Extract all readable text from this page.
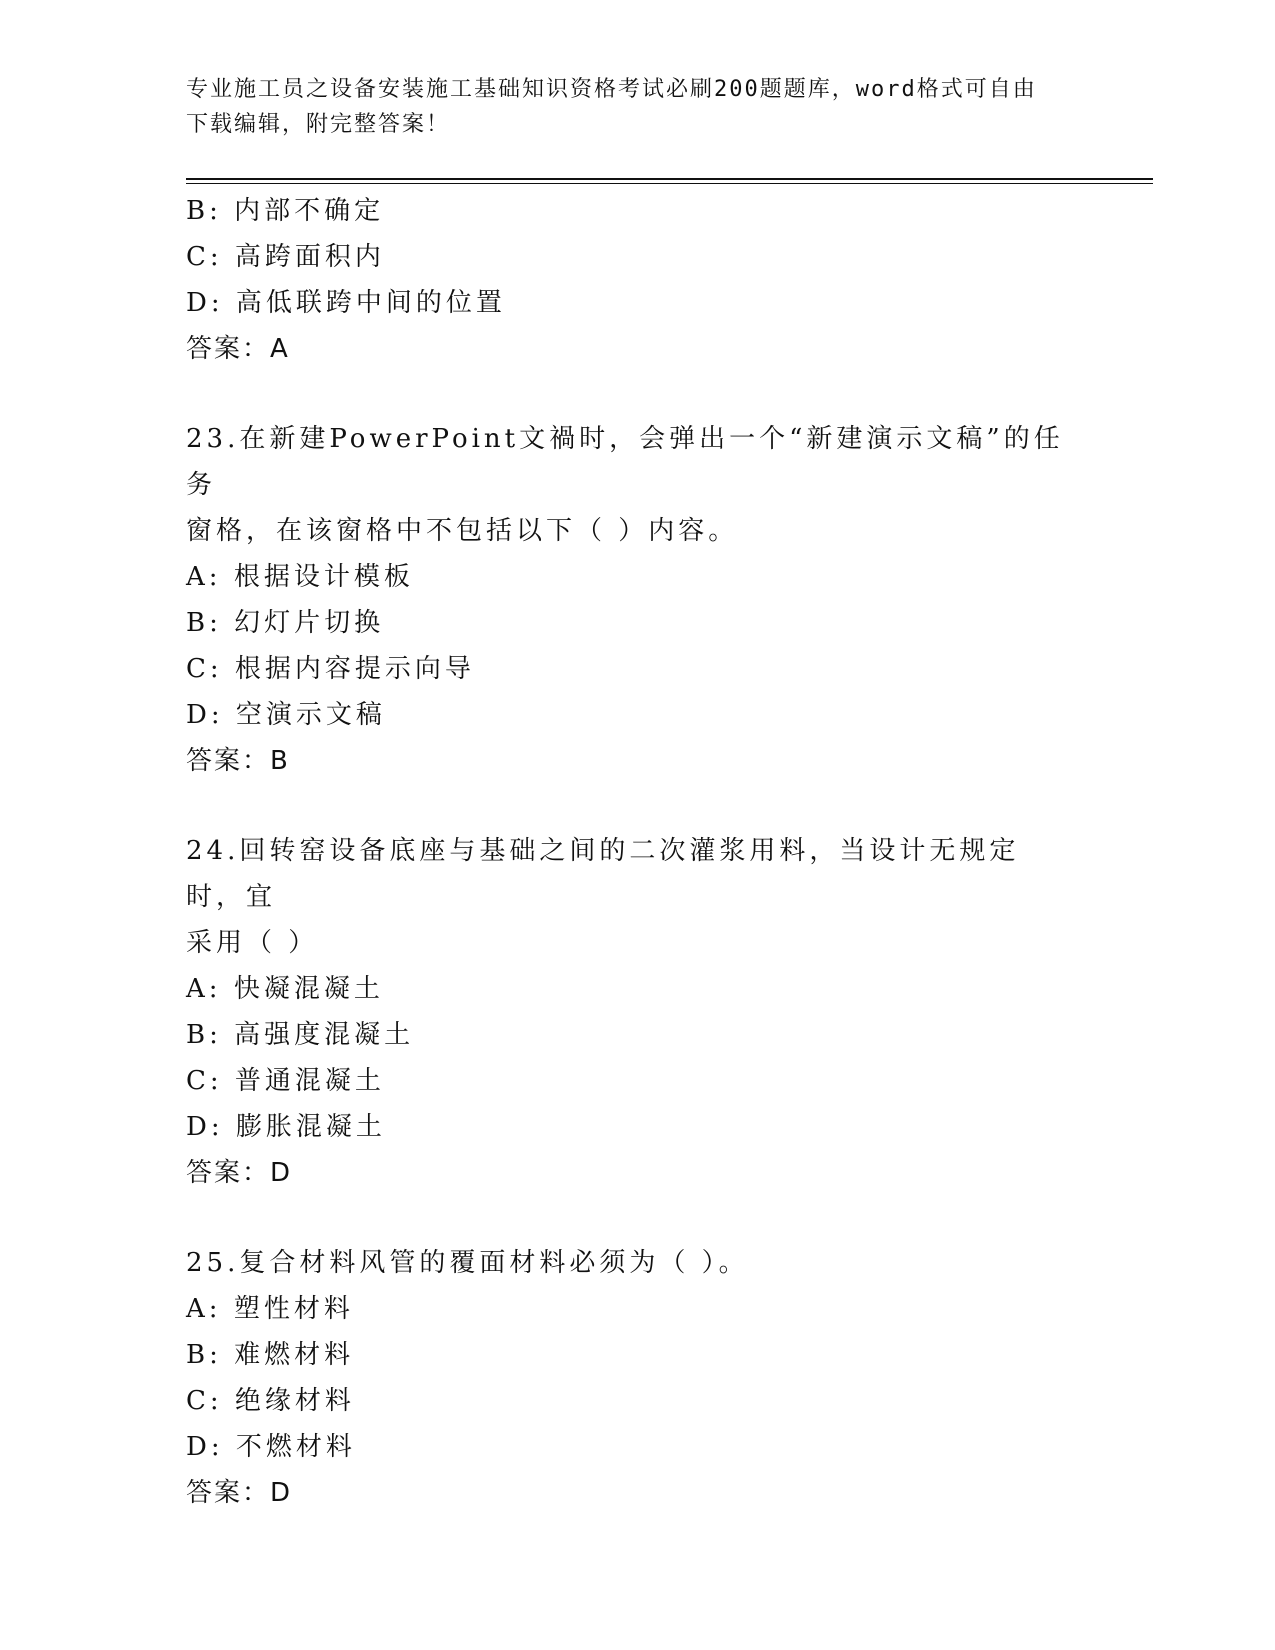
专业施工员之设备安装施工基础知识资格考试必刷200题题库，word格式可自由
下载编辑，附完整答案！
B: 内部不确定
C: 高跨面积内
D: 高低联跨中间的位置
答案：A
23.在新建PowerPoint文禍时，会弹出一个“新建演示文稿”的任务
窗格，在该窗格中不包括以下（ ）内容。
A: 根据设计模板
B: 幻灯片切换
C: 根据内容提示向导
D: 空演示文稿
答案：B
24.回转窑设备底座与基础之间的二次灌浆用料，当设计无规定时，宜
采用（ ）
A: 快凝混凝土
B: 高强度混凝土
C: 普通混凝土
D: 膨胀混凝土
答案：D
25.复合材料风管的覆面材料必须为（ ）。
A: 塑性材料
B: 难燃材料
C: 绝缘材料
D: 不燃材料
答案：D
